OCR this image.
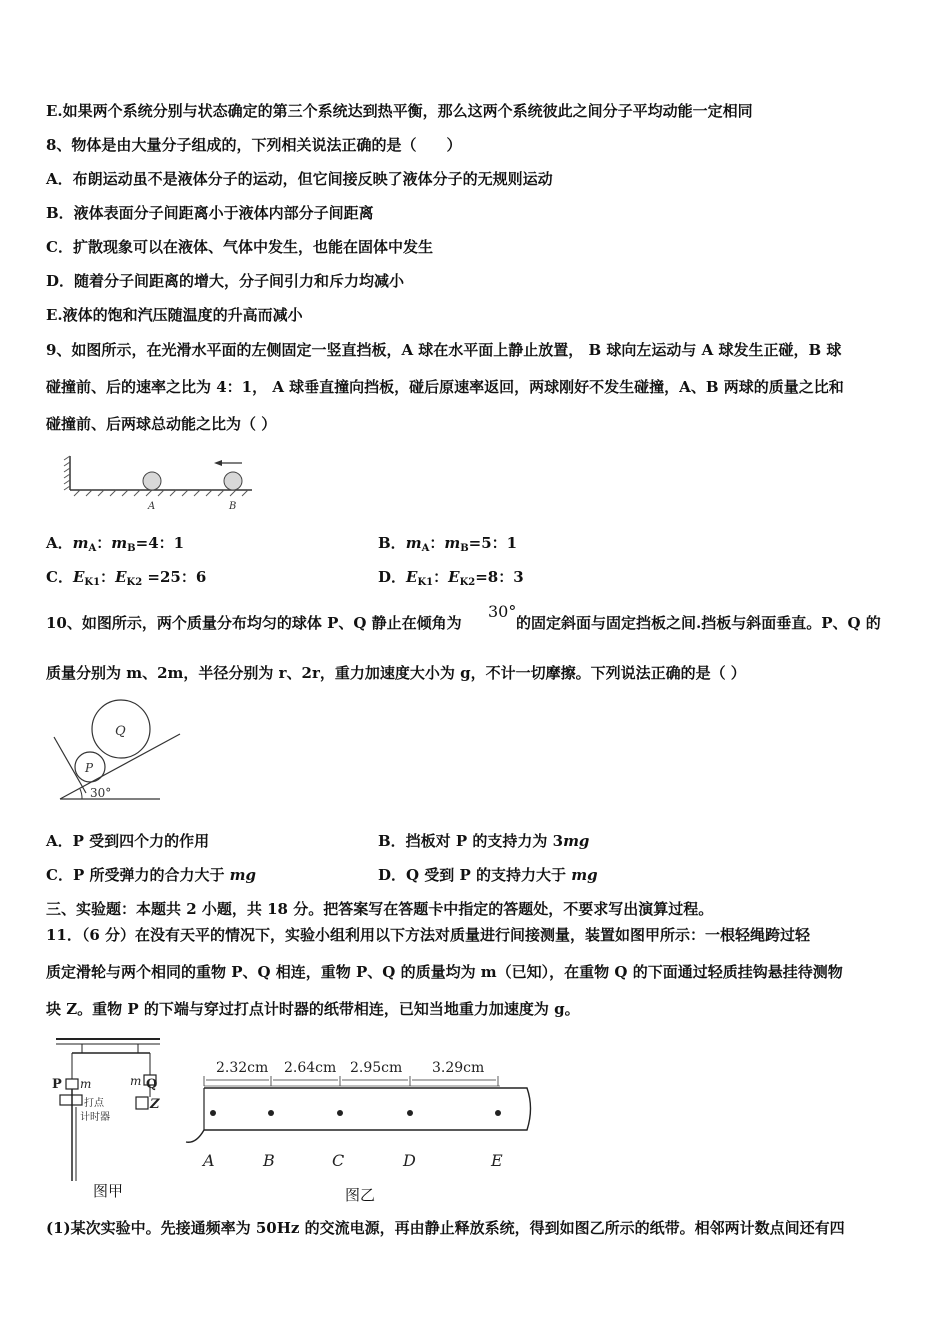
E.如果两个系统分别与状态确定的第三个系统达到热平衡，那么这两个系统彼此之间分子平均动能一定相同
8、物体是由大量分子组成的，下列相关说法正确的是（　　）
A．布朗运动虽不是液体分子的运动，但它间接反映了液体分子的无规则运动
B．液体表面分子间距离小于液体内部分子间距离
C．扩散现象可以在液体、气体中发生，也能在固体中发生
D．随着分子间距离的增大，分子间引力和斥力均减小
E.液体的饱和汽压随温度的升高而减小
9、如图所示，在光滑水平面的左侧固定一竖直挡板，A 球在水平面上静止放置， B 球向左运动与 A 球发生正碰，B 球
碰撞前、后的速率之比为 4：1， A 球垂直撞向挡板，碰后原速率返回，两球刚好不发生碰撞，A、B 两球的质量之比和
碰撞前、后两球总动能之比为（ ）
A	B
A．$m_A$：$m_B=4$：1	B．$m_A$：$m_B=5$：1
C．$E_{K1}$：$E_{K2} =25$：6	D．$E_{K1}$：$E_{K2}=8$：3
10、如图所示，两个质量分布均匀的球体 P、Q 静止在倾角为
30°
的固定斜面与固定挡板之间.挡板与斜面垂直。P、Q 的
质量分别为 m、2m，半径分别为 r、2r，重力加速度大小为 g，不计一切摩擦。下列说法正确的是（ ）
Q
P
30°
A．P 受到四个力的作用	B．挡板对 P 的支持力为 3mg
C．P 所受弹力的合力大于 mg	D．Q 受到 P 的支持力大于 mg
三、实验题：本题共 2 小题，共 18 分。把答案写在答题卡中指定的答题处，不要求写出演算过程。
11．（6 分）在没有天平的情况下，实验小组利用以下方法对质量进行间接测量，装置如图甲所示：一根轻绳跨过轻
质定滑轮与两个相同的重物 P、Q 相连，重物 P、Q 的质量均为 m（已知），在重物 Q 的下面通过轻质挂钩悬挂待测物
块 Z。重物 P 的下端与穿过打点计时器的纸带相连，已知当地重力加速度为 g。
P m	m Q
Z
打点
计时器
图甲
2.32cm 2.64cm 2.95cm 3.29cm
A	B	C	D	E
图乙
(1)某次实验中。先接通频率为 50Hz 的交流电源，再由静止释放系统，得到如图乙所示的纸带。相邻两计数点间还有四
